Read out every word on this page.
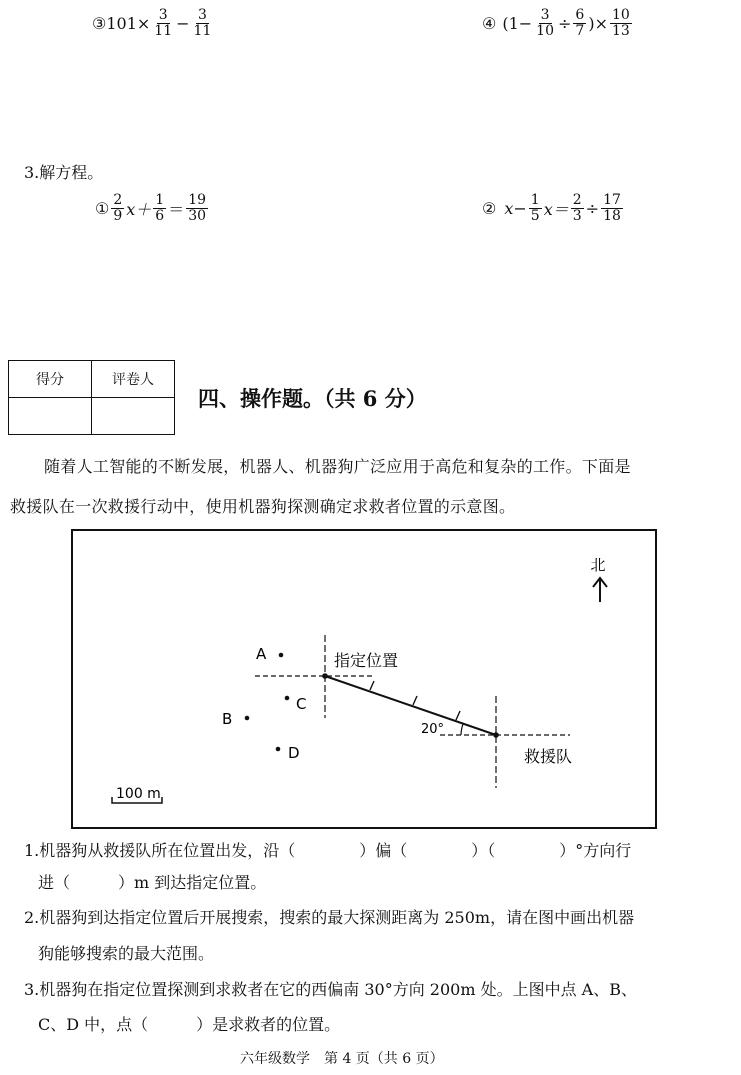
③ $101\times \frac{3}{11} - \frac{3}{11}$	④ ($1- \frac{3}{10} \div \frac{6}{7}$ )× $\frac{10}{13}$
3.解方程。
① $\frac{2}{9} x+ \frac{1}{6} = \frac{19}{30}$	② $x- \frac{1}{5} x= \frac{2}{3} \div \frac{17}{18}$
得分	评卷人

四、操作题。（共 6 分）
随着人工智能的不断发展，机器人、机器狗广泛应用于高危和复杂的工作。下面是
救援队在一次救援行动中，使用机器狗探测确定求救者位置的示意图。
北
指定位置
救援队
20°
A
C
B
D
100 m
1.机器狗从救援队所在位置出发，沿（　　　　）偏（　　　　）（　　　　）°方向行
进（　　　）m 到达指定位置。
2.机器狗到达指定位置后开展搜索，搜索的最大探测距离为 250m，请在图中画出机器
狗能够搜索的最大范围。
3.机器狗在指定位置探测到求救者在它的西偏南 30°方向 200m 处。上图中点 A、B、
C、D 中，点（　　　）是求救者的位置。
六年级数学　第 4 页（共 6 页）
